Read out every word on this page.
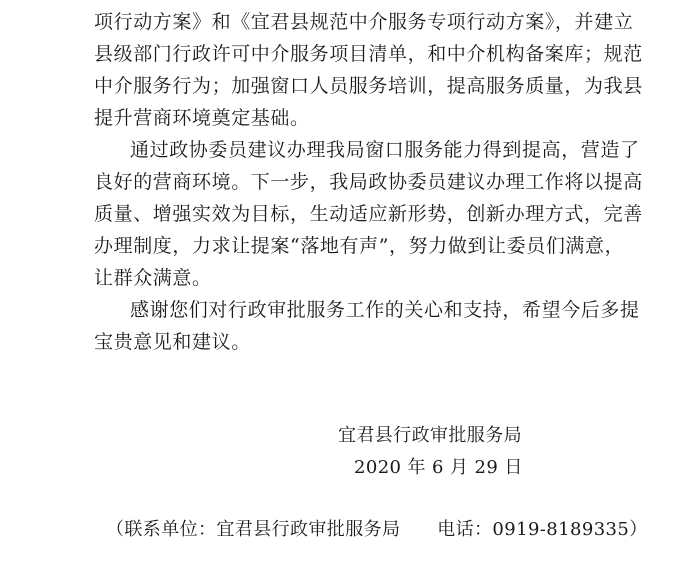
项行动方案》和《宜君县规范中介服务专项行动方案》，并建立
县级部门行政许可中介服务项目清单，和中介机构备案库；规范
中介服务行为；加强窗口人员服务培训，提高服务质量，为我县
提升营商环境奠定基础。
通过政协委员建议办理我局窗口服务能力得到提高，营造了
良好的营商环境。下一步，我局政协委员建议办理工作将以提高
质量、增强实效为目标，生动适应新形势，创新办理方式，完善
办理制度，力求让提案“落地有声”，努力做到让委员们满意，
让群众满意。
感谢您们对行政审批服务工作的关心和支持，希望今后多提
宝贵意见和建议。
宜君县行政审批服务局
2020 年 6 月 29 日
（联系单位：宜君县行政审批服务局　　电话：0919-8189335）
